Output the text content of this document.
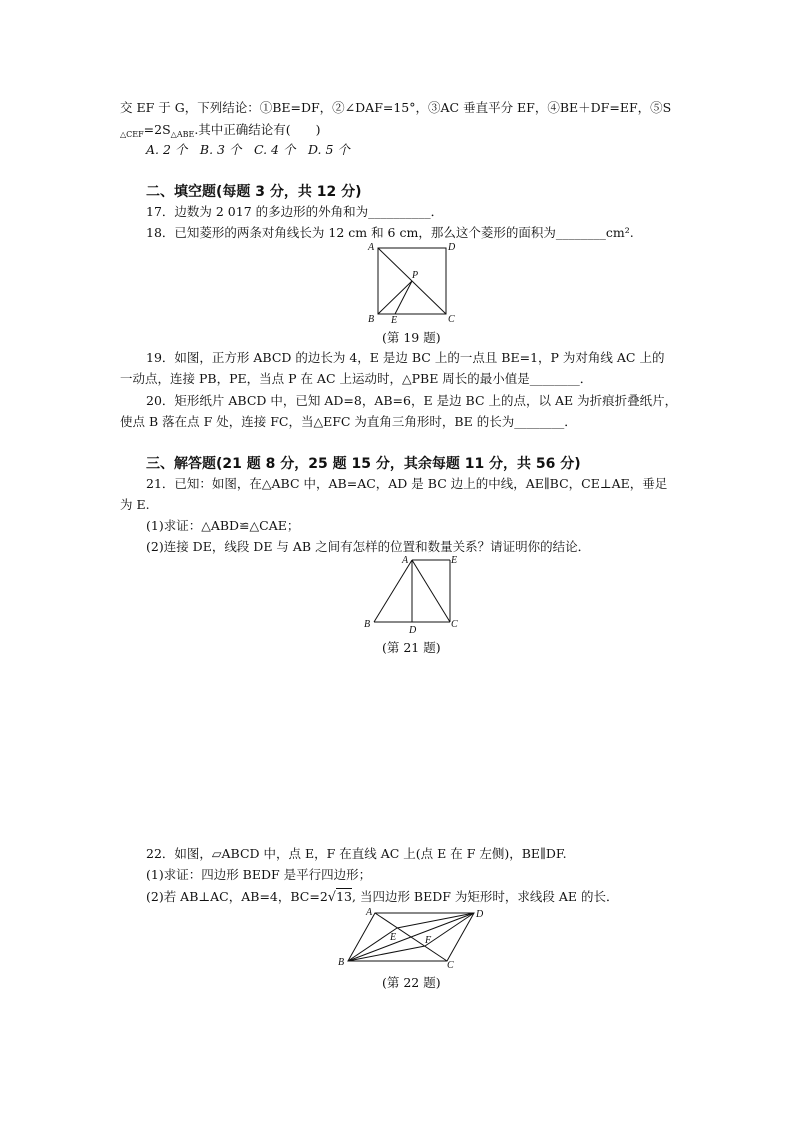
交 EF 于 G，下列结论：①BE=DF，②∠DAF=15°，③AC 垂直平分 EF，④BE＋DF=EF，⑤S
$_{\triangle CEF}=2S_{\triangle ABE}$.其中正确结论有(　　)
A. 2 个　B. 3 个　C. 4 个　D. 5 个
二、填空题(每题 3 分，共 12 分)
17．边数为 2 017 的多边形的外角和为__________．
18．已知菱形的两条对角线长为 12 cm 和 6 cm，那么这个菱形的面积为________cm².
A	D
P
B E	C
(第 19 题)
19．如图，正方形 ABCD 的边长为 4，E 是边 BC 上的一点且 BE=1，P 为对角线 AC 上的
一动点，连接 PB，PE，当点 P 在 AC 上运动时，△PBE 周长的最小值是________．
20．矩形纸片 ABCD 中，已知 AD=8，AB=6，E 是边 BC 上的点，以 AE 为折痕折叠纸片，
使点 B 落在点 F 处，连接 FC，当△EFC 为直角三角形时，BE 的长为________．
三、解答题(21 题 8 分，25 题 15 分，其余每题 11 分，共 56 分)
21．已知：如图，在△ABC 中，AB=AC，AD 是 BC 边上的中线，AE∥BC，CE⊥AE，垂足
为 E.
(1)求证：△ABD≌△CAE；
(2)连接 DE，线段 DE 与 AB 之间有怎样的位置和数量关系？请证明你的结论．
A	E
B
D
C
(第 21 题)
22．如图，▱ABCD 中，点 E，F 在直线 AC 上(点 E 在 F 左侧)，BE∥DF.
(1)求证：四边形 BEDF 是平行四边形；
(2)若 AB⊥AC，AB=4，BC=2√13, 当四边形 BEDF 为矩形时，求线段 AE 的长．
A	D
E	F
B	C
(第 22 题)
